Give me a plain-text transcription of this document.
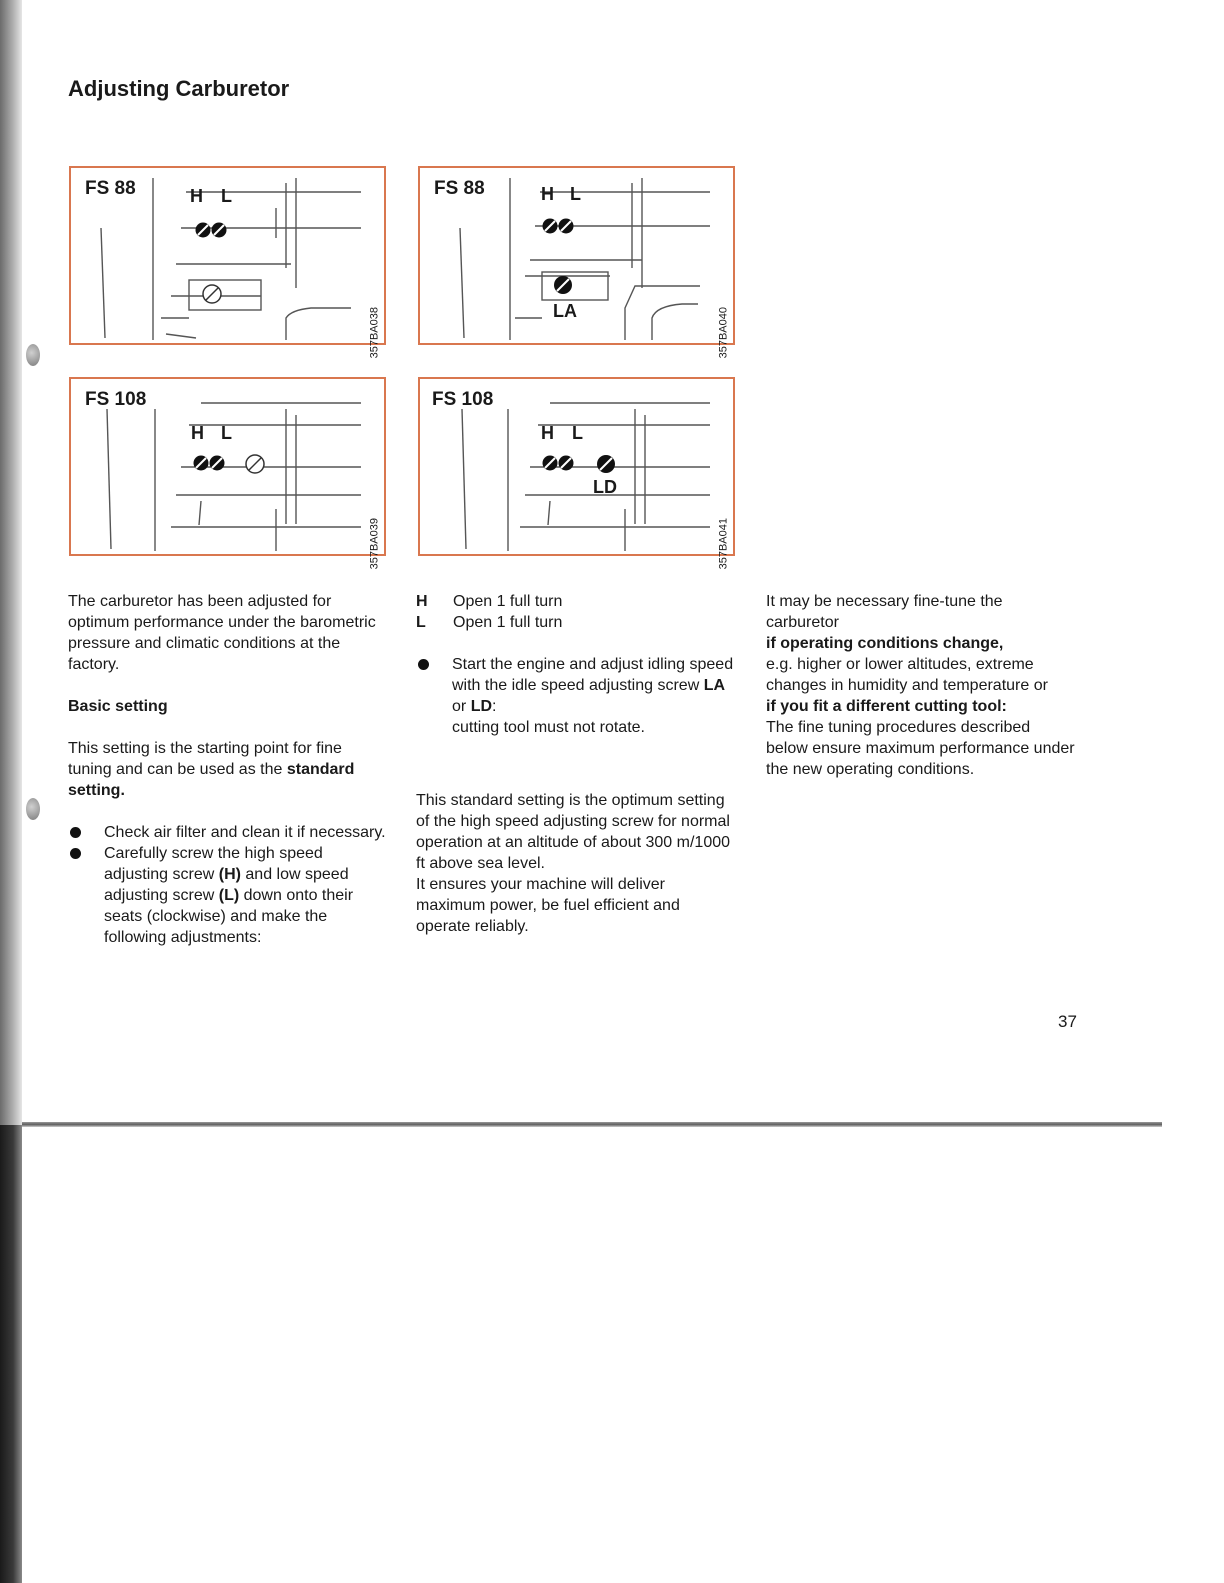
Adjusting Carburetor
FS 88	H L
357BA038
FS 88	H L
LA	357BA040
FS 108
H L
357BA039
FS 108
H L
LD
357BA041

The carburetor has been adjusted for optimum performance under the barometric pressure and climatic conditions at the factory.

Basic setting

This setting is the starting point for fine tuning and can be used as the standard setting.

Check air filter and clean it if necessary.
Carefully screw the high speed adjusting screw (H) and low speed adjusting screw (L) down onto their seats (clockwise) and make the following adjustments:
H	Open 1 full turn
L	Open 1 full turn
Start the engine and adjust idling speed with the idle speed adjusting screw LA or LD:
cutting tool must not rotate.

This standard setting is the optimum setting of the high speed adjusting screw for normal operation at an altitude of about 300 m/1000 ft above sea level.

It ensures your machine will deliver maximum power, be fuel efficient and operate reliably.

It may be necessary fine-tune the carburetor
if operating conditions change,

e.g. higher or lower altitudes, extreme changes in humidity and temperature or
if you fit a different cutting tool:

The fine tuning procedures described below ensure maximum performance under the new operating conditions.

37
